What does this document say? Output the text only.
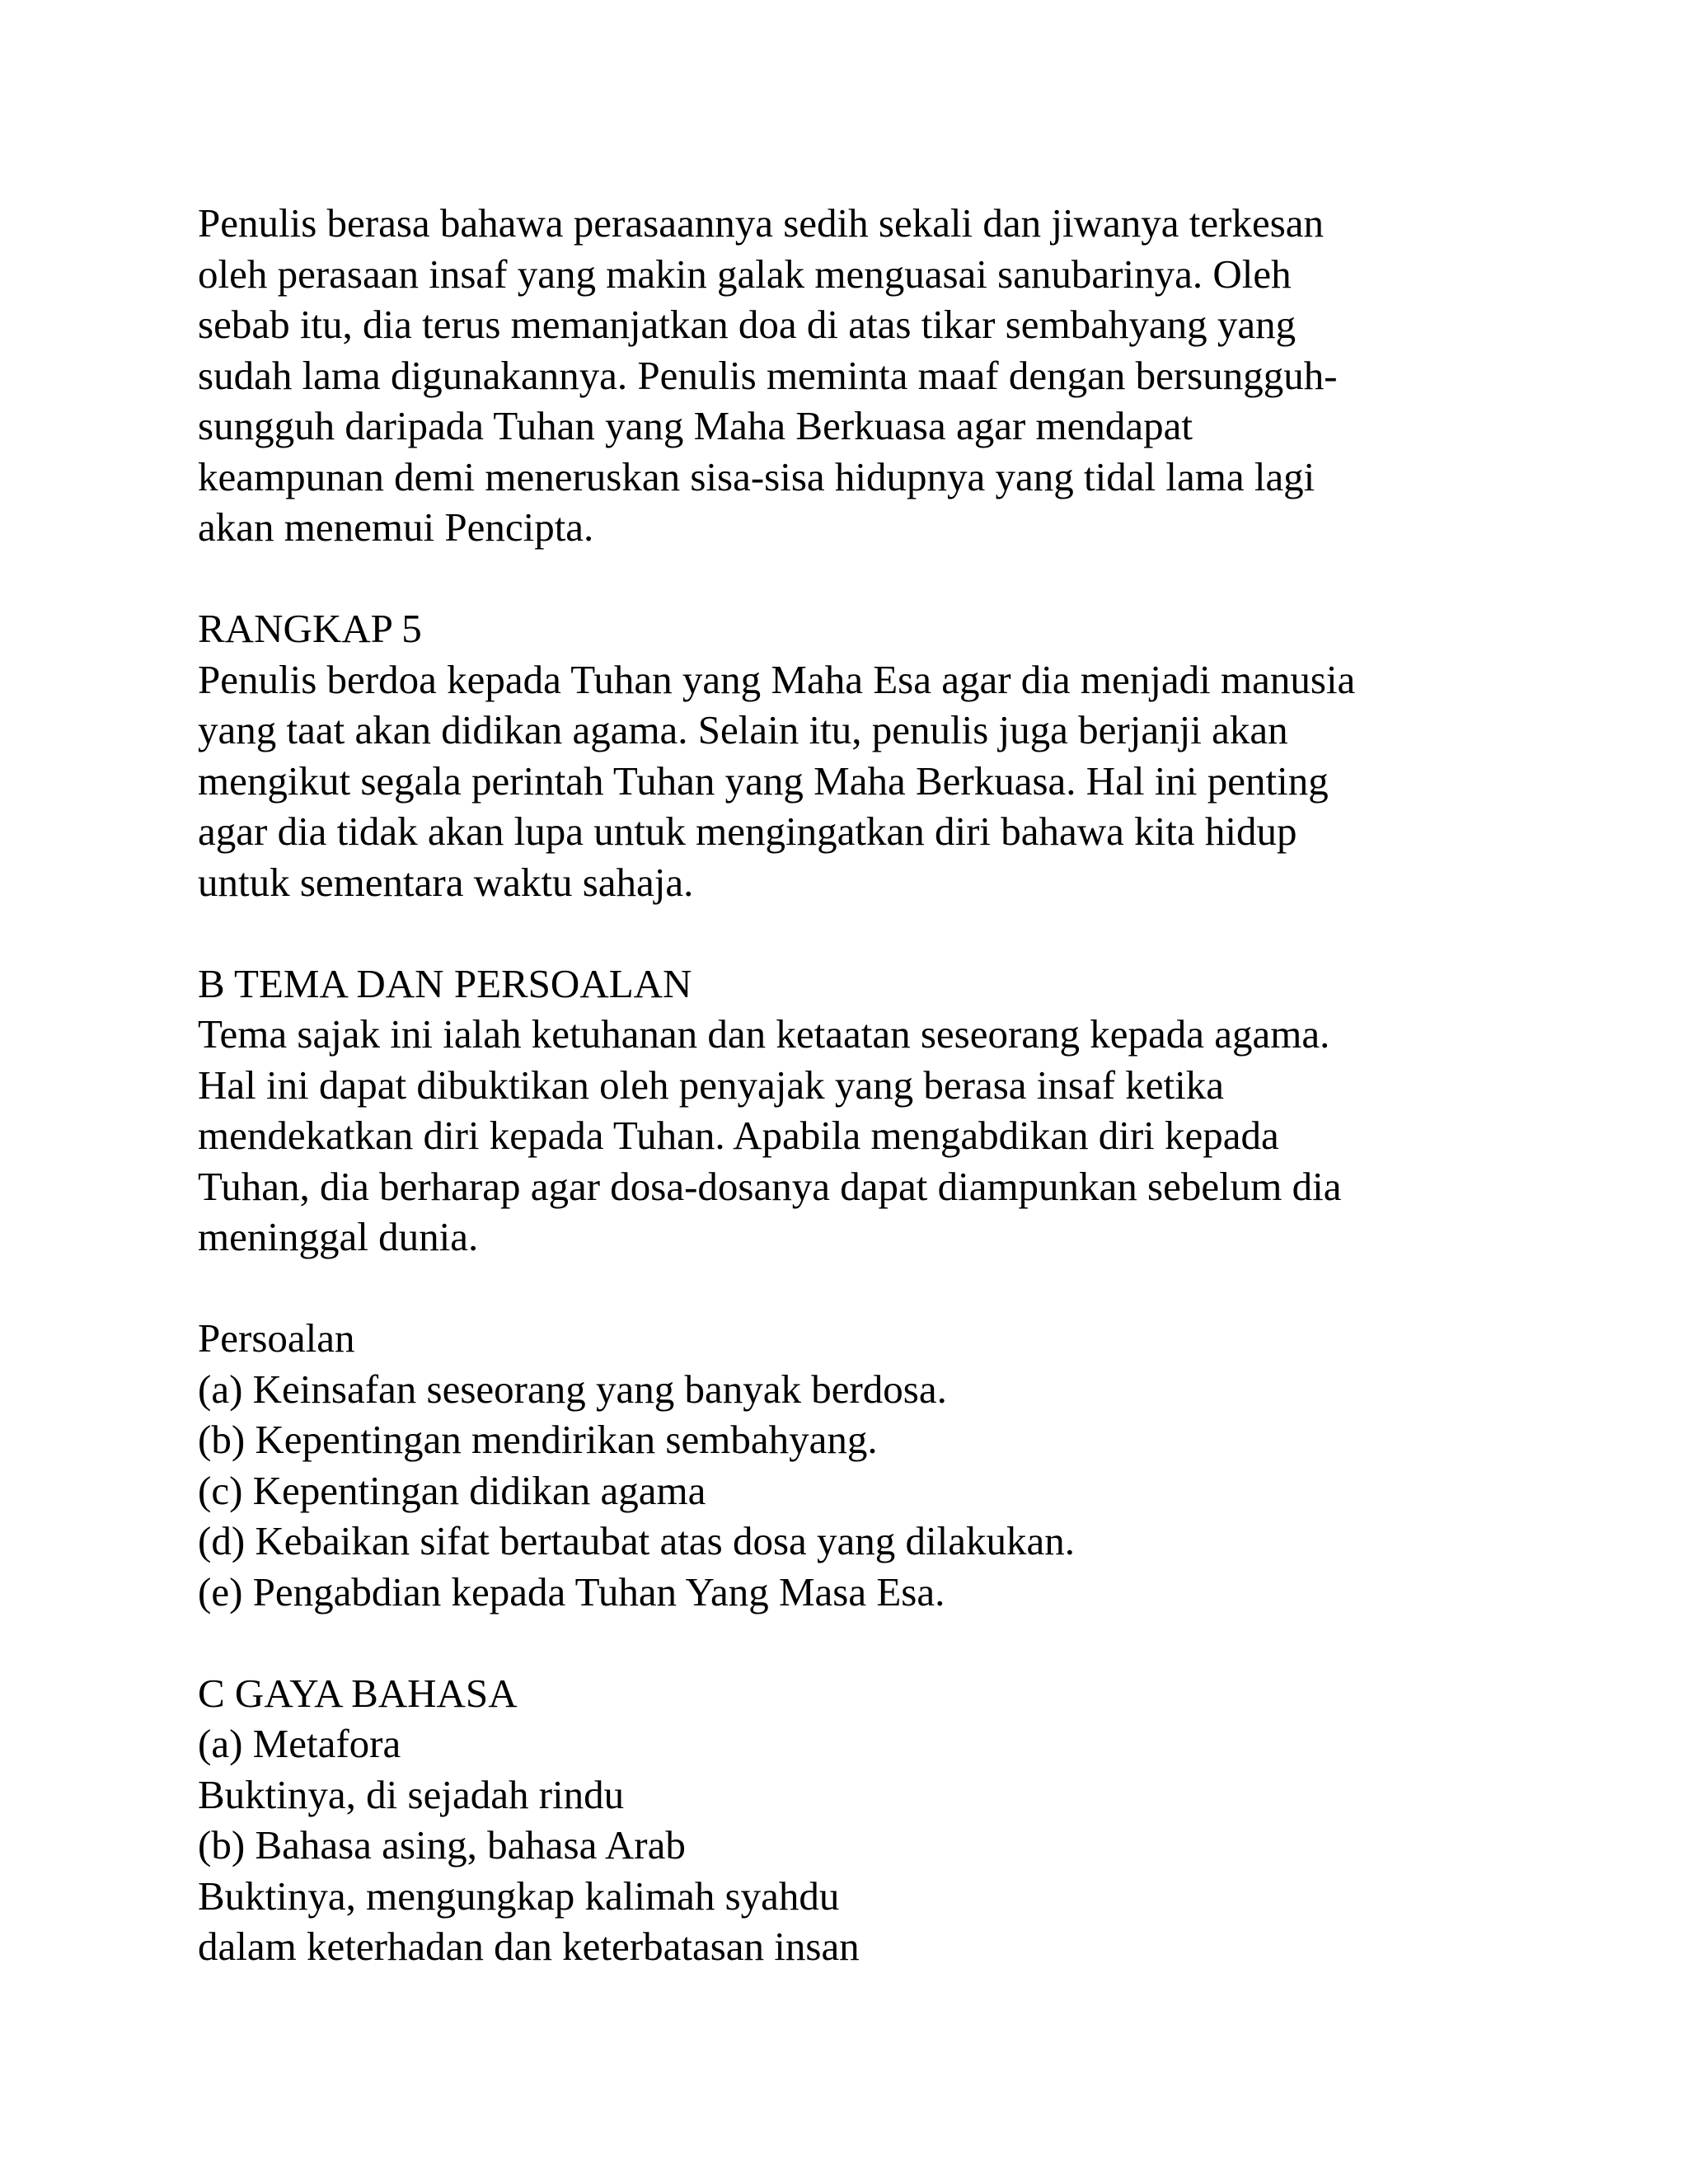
Penulis berasa bahawa perasaannya sedih sekali dan jiwanya terkesan
oleh perasaan insaf yang makin galak menguasai sanubarinya. Oleh
sebab itu, dia terus memanjatkan doa di atas tikar sembahyang yang
sudah lama digunakannya. Penulis meminta maaf dengan bersungguh-
sungguh daripada Tuhan yang Maha Berkuasa agar mendapat
keampunan demi meneruskan sisa-sisa hidupnya yang tidal lama lagi
akan menemui Pencipta.
RANGKAP 5
Penulis berdoa kepada Tuhan yang Maha Esa agar dia menjadi manusia
yang taat akan didikan agama. Selain itu, penulis juga berjanji akan
mengikut segala perintah Tuhan yang Maha Berkuasa. Hal ini penting
agar dia tidak akan lupa untuk mengingatkan diri bahawa kita hidup
untuk sementara waktu sahaja.
B TEMA DAN PERSOALAN
Tema sajak ini ialah ketuhanan dan ketaatan seseorang kepada agama.
Hal ini dapat dibuktikan oleh penyajak yang berasa insaf ketika
mendekatkan diri kepada Tuhan. Apabila mengabdikan diri kepada
Tuhan, dia berharap agar dosa-dosanya dapat diampunkan sebelum dia
meninggal dunia.
Persoalan
(a) Keinsafan seseorang yang banyak berdosa.
(b) Kepentingan mendirikan sembahyang.
(c) Kepentingan didikan agama
(d) Kebaikan sifat bertaubat atas dosa yang dilakukan.
(e) Pengabdian kepada Tuhan Yang Masa Esa.
C GAYA BAHASA
(a) Metafora
Buktinya, di sejadah rindu
(b) Bahasa asing, bahasa Arab
Buktinya, mengungkap kalimah syahdu
dalam keterhadan dan keterbatasan insan
